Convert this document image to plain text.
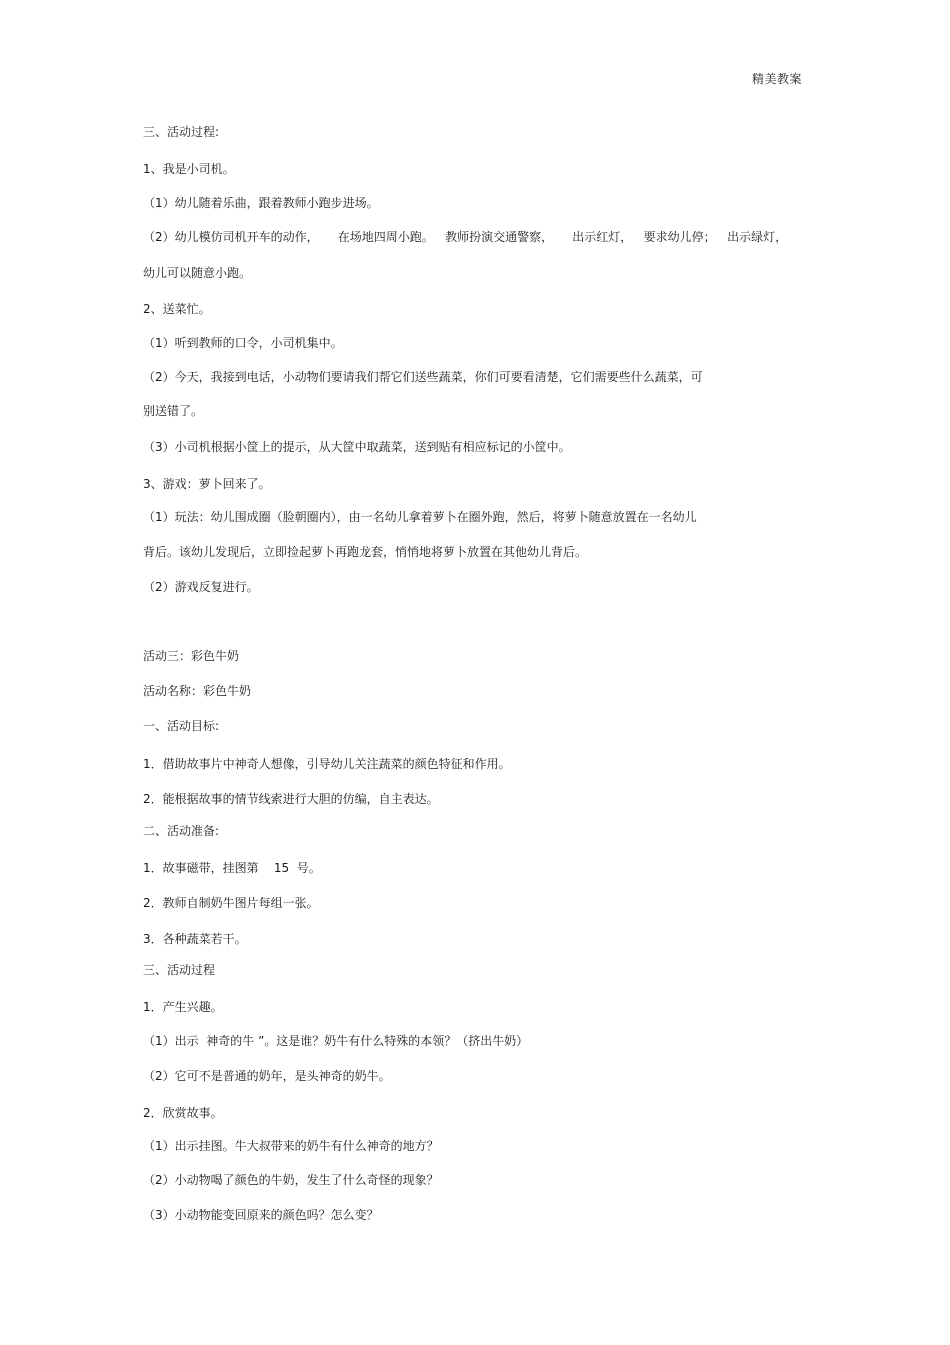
精美教案
三、活动过程:
1、我是小司机。
（1）幼儿随着乐曲，跟着教师小跑步进场。
（2）幼儿模仿司机开车的动作，     在场地四周小跑。   教师扮演交通警察，     出示红灯，   要求幼儿停；   出示绿灯，
幼儿可以随意小跑。
2、送菜忙。
（1）听到教师的口令，小司机集中。
（2）今天，我接到电话，小动物们要请我们帮它们送些蔬菜，你们可要看清楚，它们需要些什么蔬菜，可
别送错了。
（3）小司机根据小筐上的提示，从大筐中取蔬菜，送到贴有相应标记的小筐中。
3、游戏：萝卜回来了。
（1）玩法：幼儿围成圈（脸朝圈内），由一名幼儿拿着萝卜在圈外跑，然后，将萝卜随意放置在一名幼儿
背后。该幼儿发现后，立即捡起萝卜再跑龙套，悄悄地将萝卜放置在其他幼儿背后。
（2）游戏反复进行。
活动三：彩色牛奶
活动名称：彩色牛奶
一、活动目标:
1．借助故事片中神奇人想像，引导幼儿关注蔬菜的颜色特征和作用。
2．能根据故事的情节线索进行大胆的仿编，自主表达。
二、活动准备:
1．故事磁带，挂图第    15  号。
2．教师自制奶牛图片每组一张。
3．各种蔬菜若干。
三、活动过程
1．产生兴趣。
（1）出示  神奇的牛 ”。这是谁？奶牛有什么特殊的本领？（挤出牛奶）
（2）它可不是普通的奶年，是头神奇的奶牛。
2．欣赏故事。
（1）出示挂图。牛大叔带来的奶牛有什么神奇的地方？
（2）小动物喝了颜色的牛奶，发生了什么奇怪的现象？
（3）小动物能变回原来的颜色吗？怎么变？
